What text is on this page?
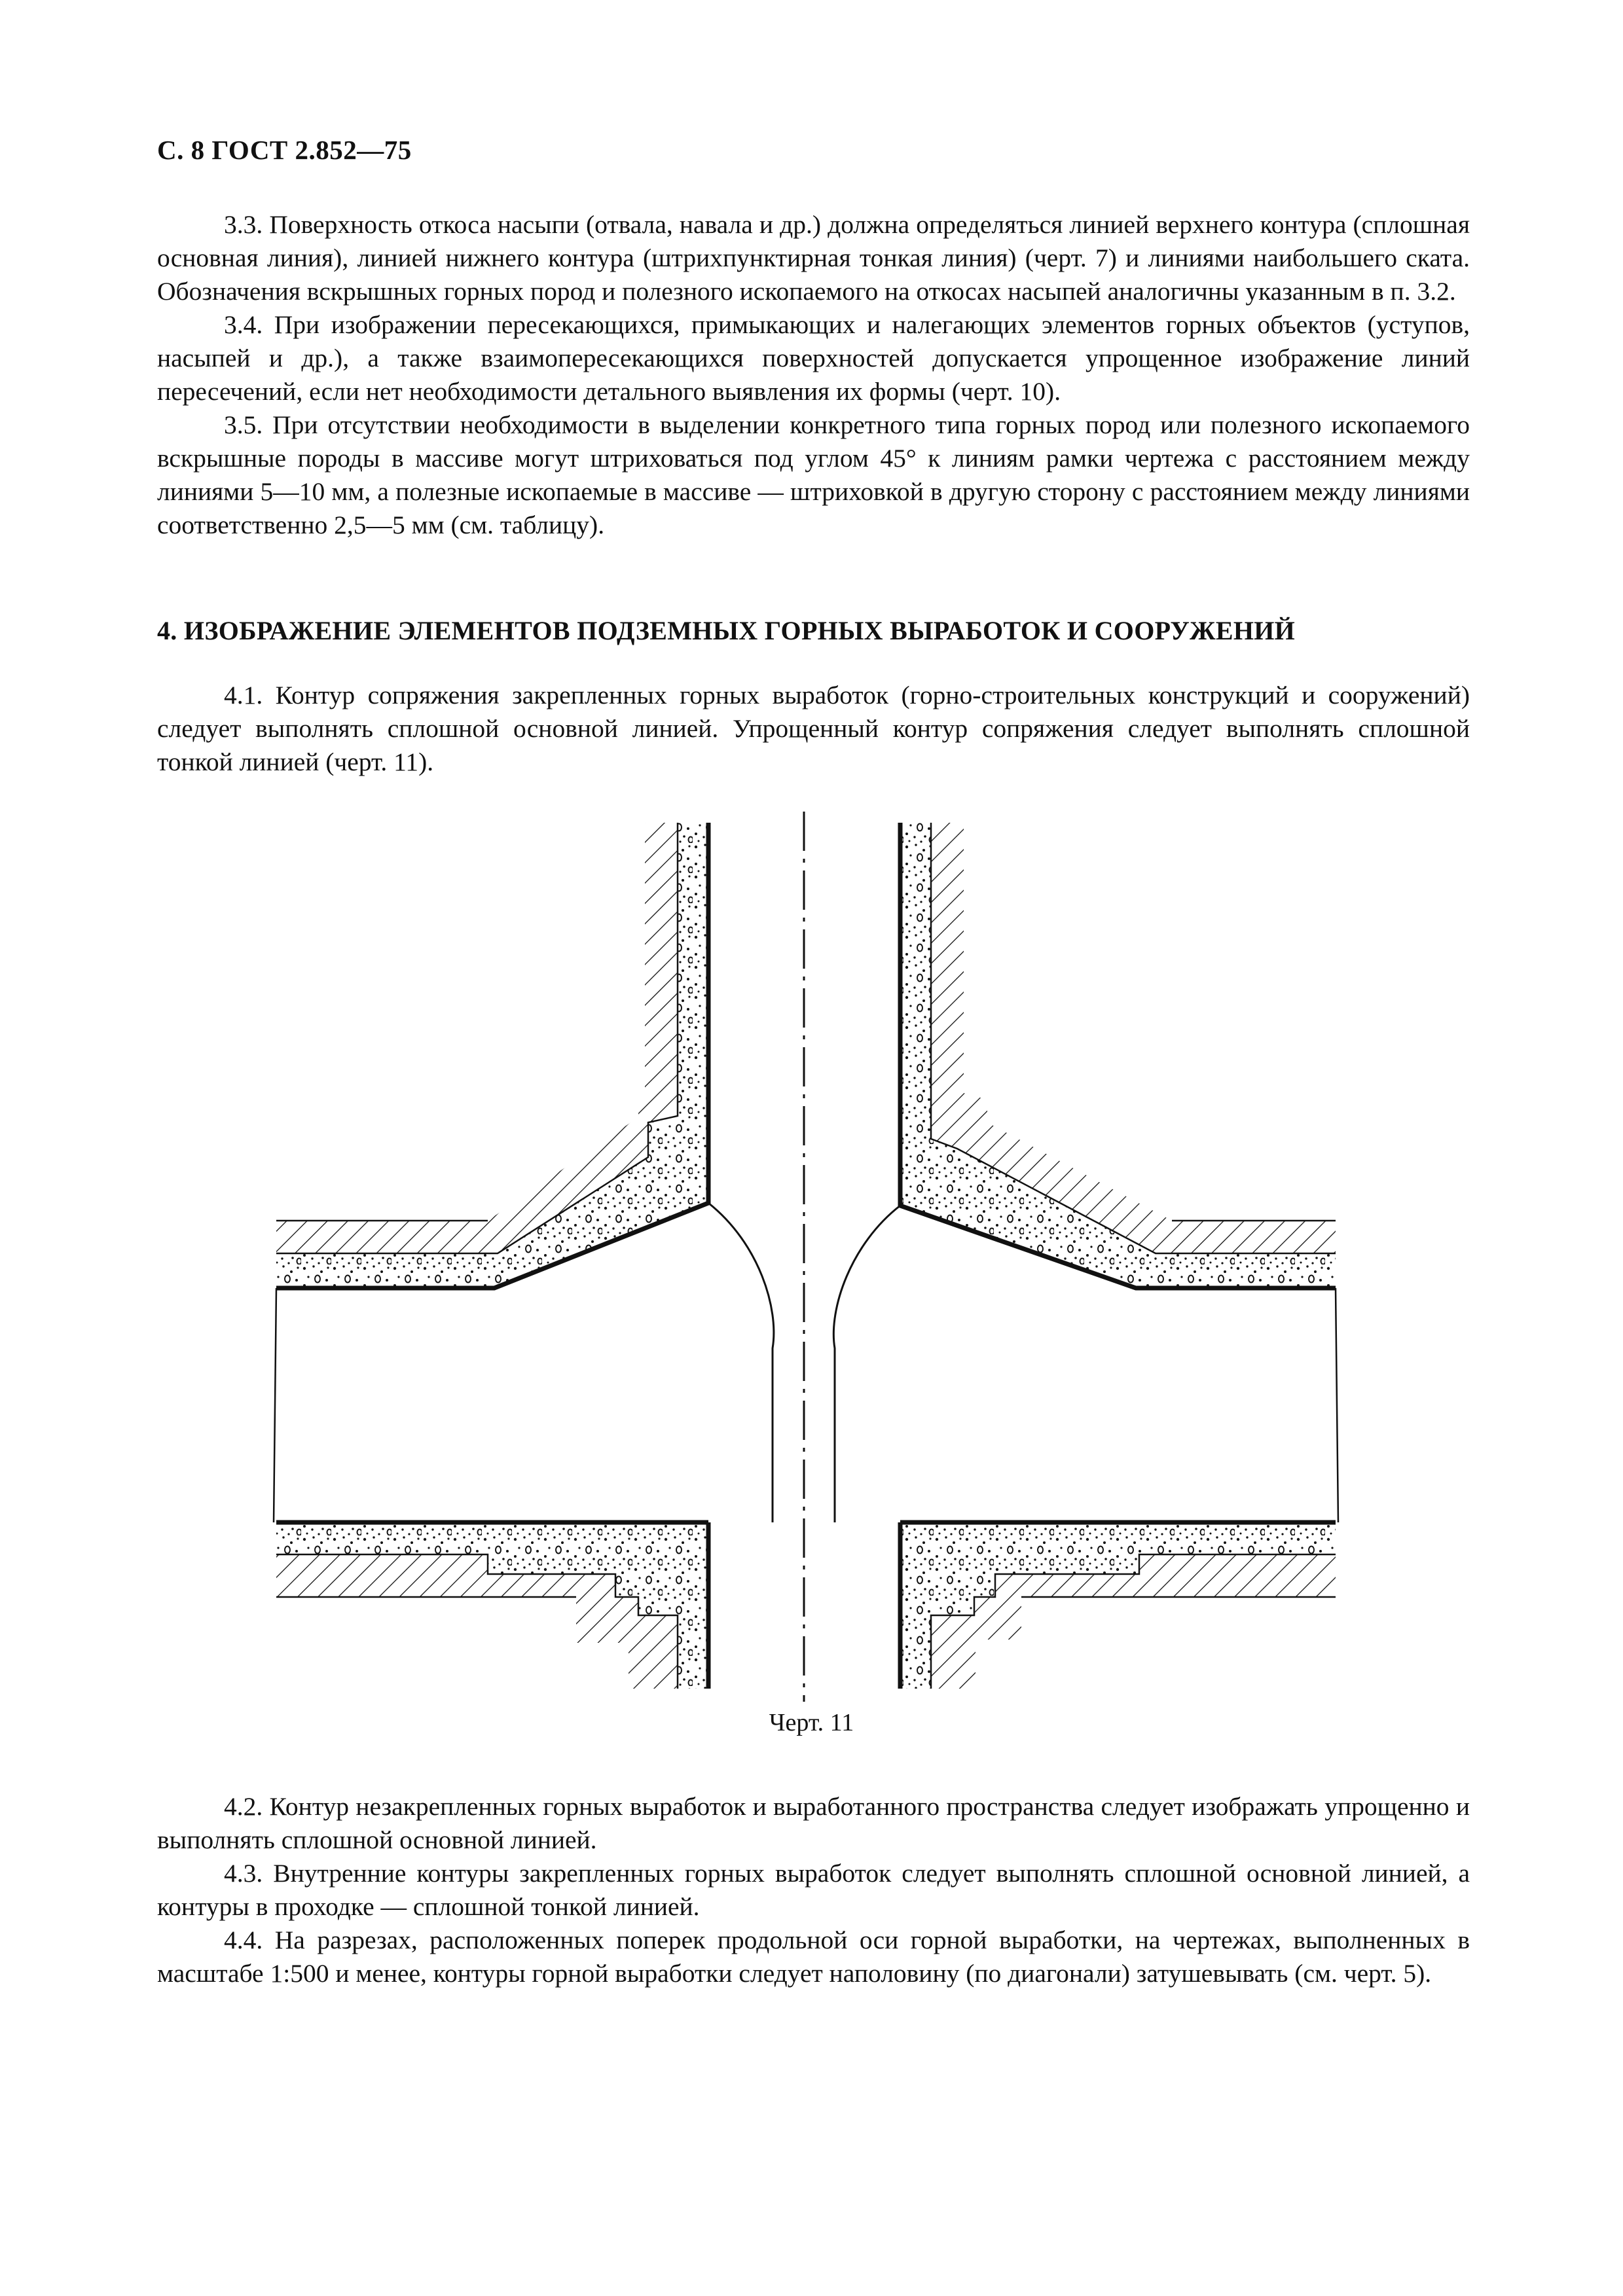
С. 8 ГОСТ 2.852—75

3.3. Поверхность откоса насыпи (отвала, навала и др.) должна определяться линией верхнего контура (сплошная основная линия), линией нижнего контура (штрихпунктирная тонкая линия) (черт. 7) и линиями наибольшего ската. Обозначения вскрышных горных пород и полезного ископаемого на откосах насыпей аналогичны указанным в п. 3.2.

3.4. При изображении пересекающихся, примыкающих и налегающих элементов горных объектов (уступов, насыпей и др.), а также взаимопересекающихся поверхностей допускается упрощенное изображение линий пересечений, если нет необходимости детального выявления их формы (черт. 10).

3.5. При отсутствии необходимости в выделении конкретного типа горных пород или полезного ископаемого вскрышные породы в массиве могут штриховаться под углом 45° к линиям рамки чертежа с расстоянием между линиями 5—10 мм, а полезные ископаемые в массиве — штриховкой в другую сторону с расстоянием между линиями соответственно 2,5—5 мм (см. таблицу).

4. ИЗОБРАЖЕНИЕ ЭЛЕМЕНТОВ ПОДЗЕМНЫХ ГОРНЫХ ВЫРАБОТОК И СООРУЖЕНИЙ

4.1. Контур сопряжения закрепленных горных выработок (горно-строительных конструкций и сооружений) следует выполнять сплошной основной линией. Упрощенный контур сопряжения следует выполнять сплошной тонкой линией (черт. 11).

Черт. 11

4.2. Контур незакрепленных горных выработок и выработанного пространства следует изображать упрощенно и выполнять сплошной основной линией.

4.3. Внутренние контуры закрепленных горных выработок следует выполнять сплошной основной линией, а контуры в проходке — сплошной тонкой линией.

4.4. На разрезах, расположенных поперек продольной оси горной выработки, на чертежах, выполненных в масштабе 1:500 и менее, контуры горной выработки следует наполовину (по диагонали) затушевывать (см. черт. 5).
